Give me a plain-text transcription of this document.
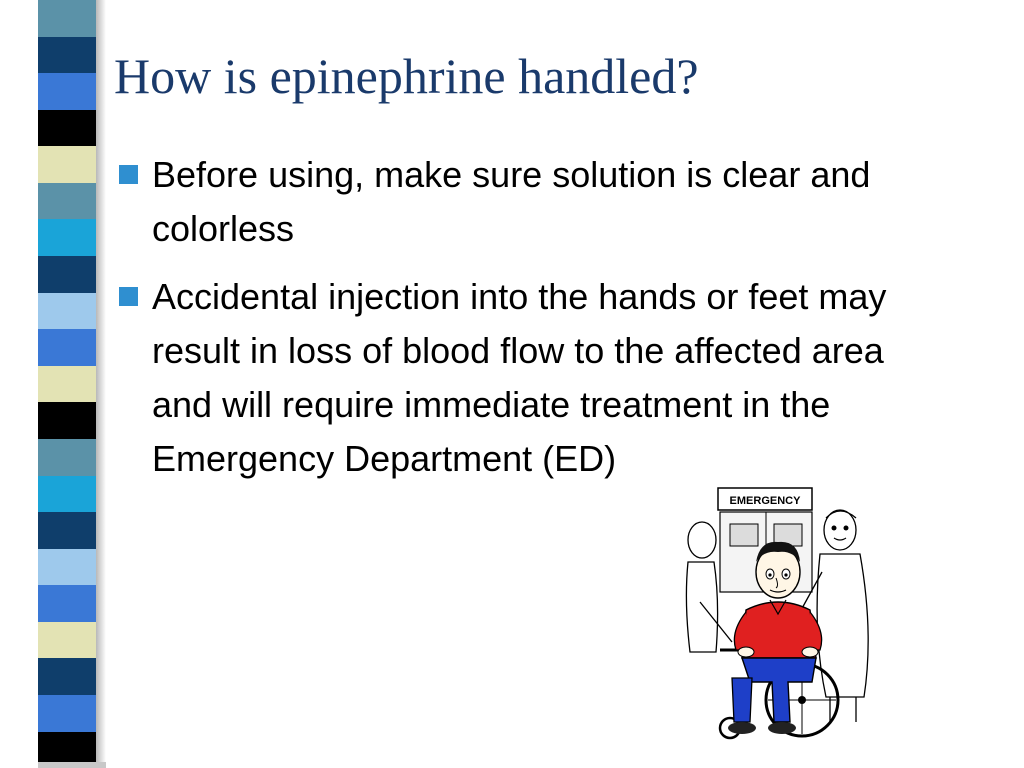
How is epinephrine handled?
Before using, make sure solution is clear and colorless
Accidental injection into the hands or feet may result in loss of blood flow to the affected area and will require immediate treatment in the Emergency Department (ED)
EMERGENCY
